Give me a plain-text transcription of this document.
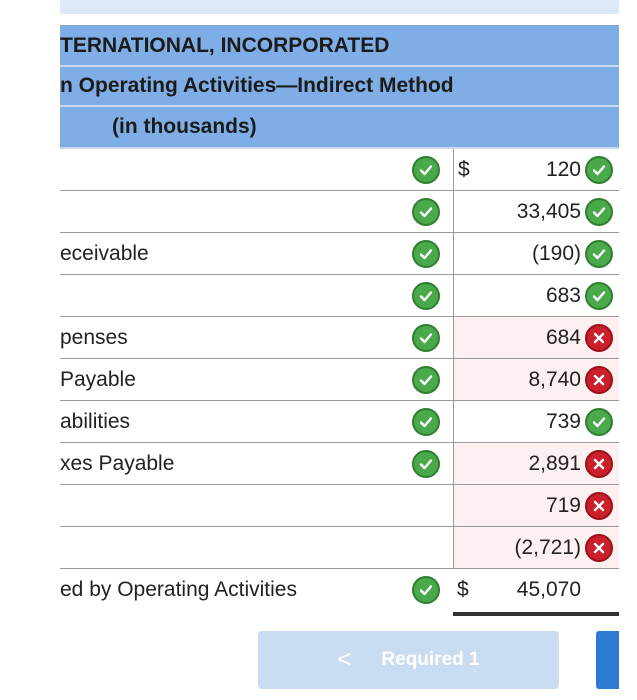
TERNATIONAL, INCORPORATED
n Operating Activities—Indirect Method
(in thousands)
$	120
33,405
eceivable	(190)
683
penses	684
Payable	8,740
abilities	739
xes Payable	2,891
719
(2,721)
ed by Operating Activities	$	45,070
< Required 1
